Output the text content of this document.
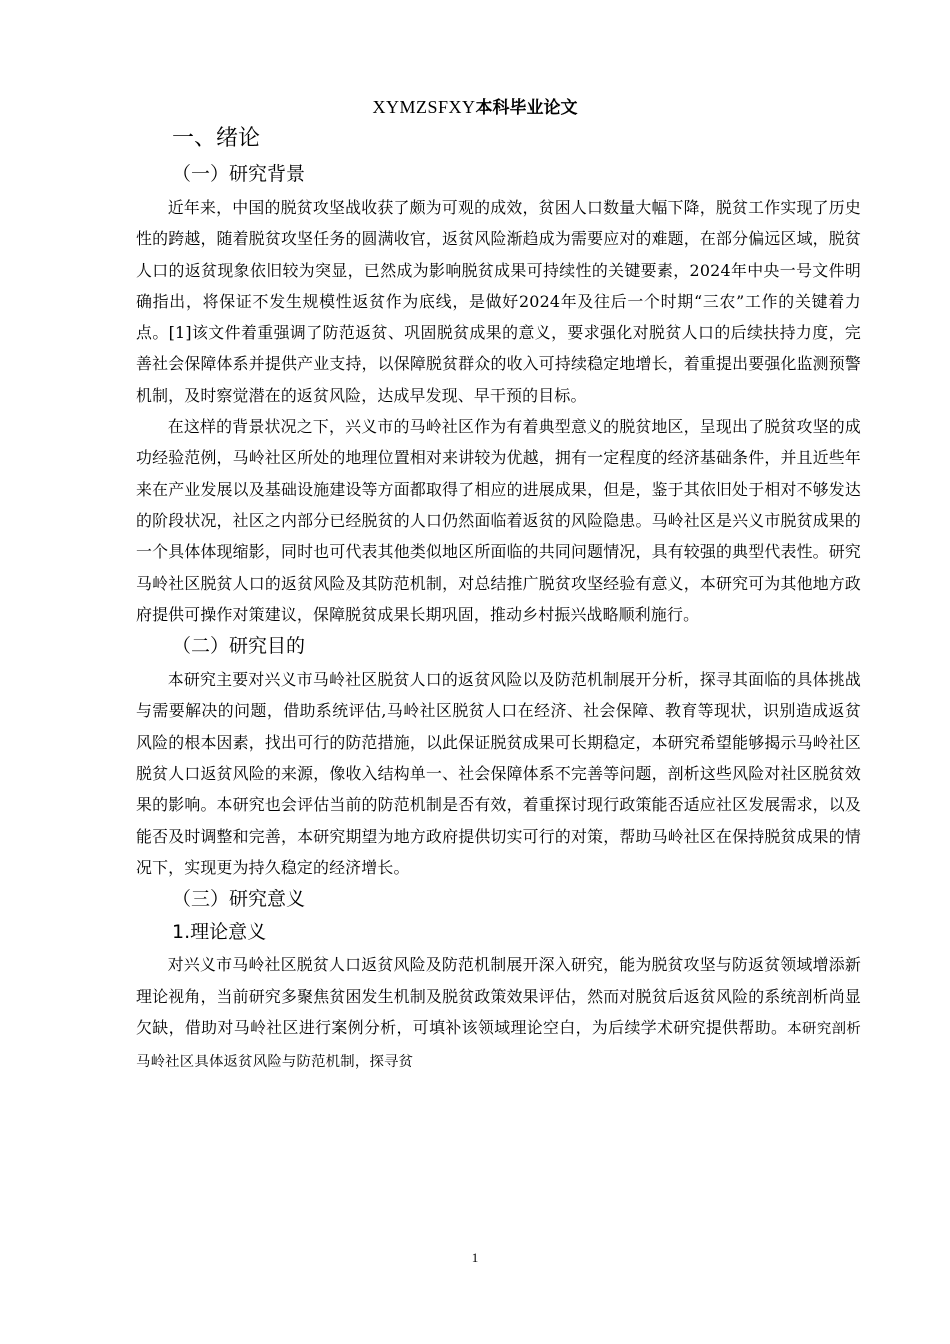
XYMZSFXY本科毕业论文
一、绪论
（一）研究背景

近年来，中国的脱贫攻坚战收获了颇为可观的成效，贫困人口数量大幅下降，脱贫工作实现了历史性的跨越，随着脱贫攻坚任务的圆满收官，返贫风险渐趋成为需要应对的难题，在部分偏远区域，脱贫人口的返贫现象依旧较为突显，已然成为影响脱贫成果可持续性的关键要素，2024年中央一号文件明确指出，将保证不发生规模性返贫作为底线，是做好2024年及往后一个时期“三农”工作的关键着力点。[1]该文件着重强调了防范返贫、巩固脱贫成果的意义，要求强化对脱贫人口的后续扶持力度，完善社会保障体系并提供产业支持，以保障脱贫群众的收入可持续稳定地增长，着重提出要强化监测预警机制，及时察觉潜在的返贫风险，达成早发现、早干预的目标。

在这样的背景状况之下，兴义市的马岭社区作为有着典型意义的脱贫地区，呈现出了脱贫攻坚的成功经验范例，马岭社区所处的地理位置相对来讲较为优越，拥有一定程度的经济基础条件，并且近些年来在产业发展以及基础设施建设等方面都取得了相应的进展成果，但是，鉴于其依旧处于相对不够发达的阶段状况，社区之内部分已经脱贫的人口仍然面临着返贫的风险隐患。马岭社区是兴义市脱贫成果的一个具体体现缩影，同时也可代表其他类似地区所面临的共同问题情况，具有较强的典型代表性。研究马岭社区脱贫人口的返贫风险及其防范机制，对总结推广脱贫攻坚经验有意义，本研究可为其他地方政府提供可操作对策建议，保障脱贫成果长期巩固，推动乡村振兴战略顺利施行。

（二）研究目的

本研究主要对兴义市马岭社区脱贫人口的返贫风险以及防范机制展开分析，探寻其面临的具体挑战与需要解决的问题，借助系统评估,马岭社区脱贫人口在经济、社会保障、教育等现状，识别造成返贫风险的根本因素，找出可行的防范措施，以此保证脱贫成果可长期稳定，本研究希望能够揭示马岭社区脱贫人口返贫风险的来源，像收入结构单一、社会保障体系不完善等问题，剖析这些风险对社区脱贫效果的影响。本研究也会评估当前的防范机制是否有效，着重探讨现行政策能否适应社区发展需求，以及能否及时调整和完善，本研究期望为地方政府提供切实可行的对策，帮助马岭社区在保持脱贫成果的情况下，实现更为持久稳定的经济增长。

（三）研究意义
1.理论意义

对兴义市马岭社区脱贫人口返贫风险及防范机制展开深入研究，能为脱贫攻坚与防返贫领域增添新理论视角，当前研究多聚焦贫困发生机制及脱贫政策效果评估，然而对脱贫后返贫风险的系统剖析尚显欠缺，借助对马岭社区进行案例分析，可填补该领域理论空白，为后续学术研究提供帮助。本研究剖析马岭社区具体返贫风险与防范机制，探寻贫

1
